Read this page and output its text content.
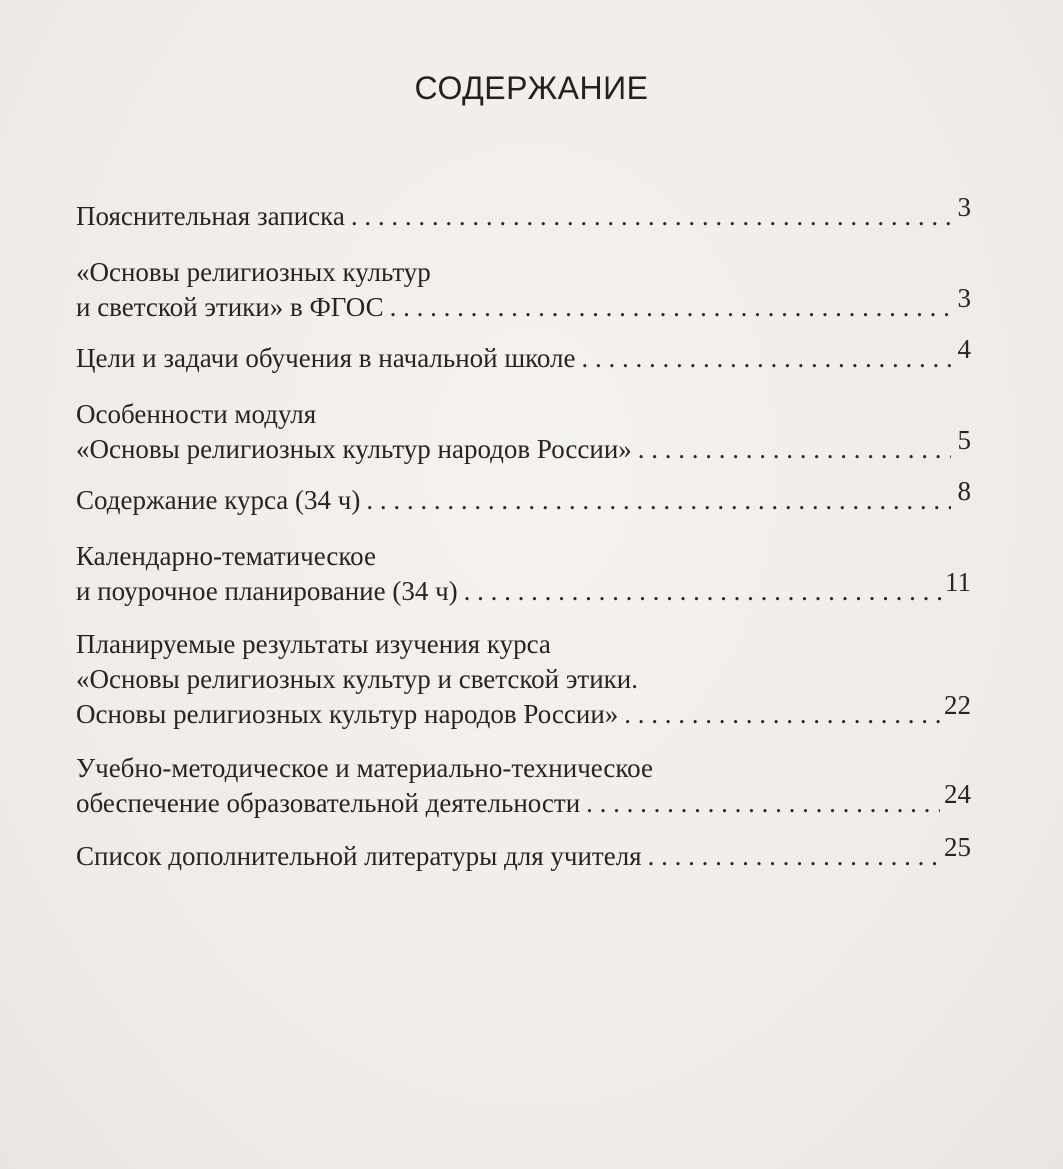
СОДЕРЖАНИЕ
Пояснительная записка . . .	3
«Основы религиозных культур
и светской этики» в ФГОС . . .	3
Цели и задачи обучения в начальной школе . . .	4
Особенности модуля
«Основы религиозных культур народов России» . . .	5
Содержание курса (34 ч) . . .	8
Календарно-тематическое
и поурочное планирование (34 ч) . . .	11
Планируемые результаты изучения курса
«Основы религиозных культур и светской этики.
Основы религиозных культур народов России» . . .	22
Учебно-методическое и материально-техническое
обеспечение образовательной деятельности . . .	24
Список дополнительной литературы для учителя . . .	25
